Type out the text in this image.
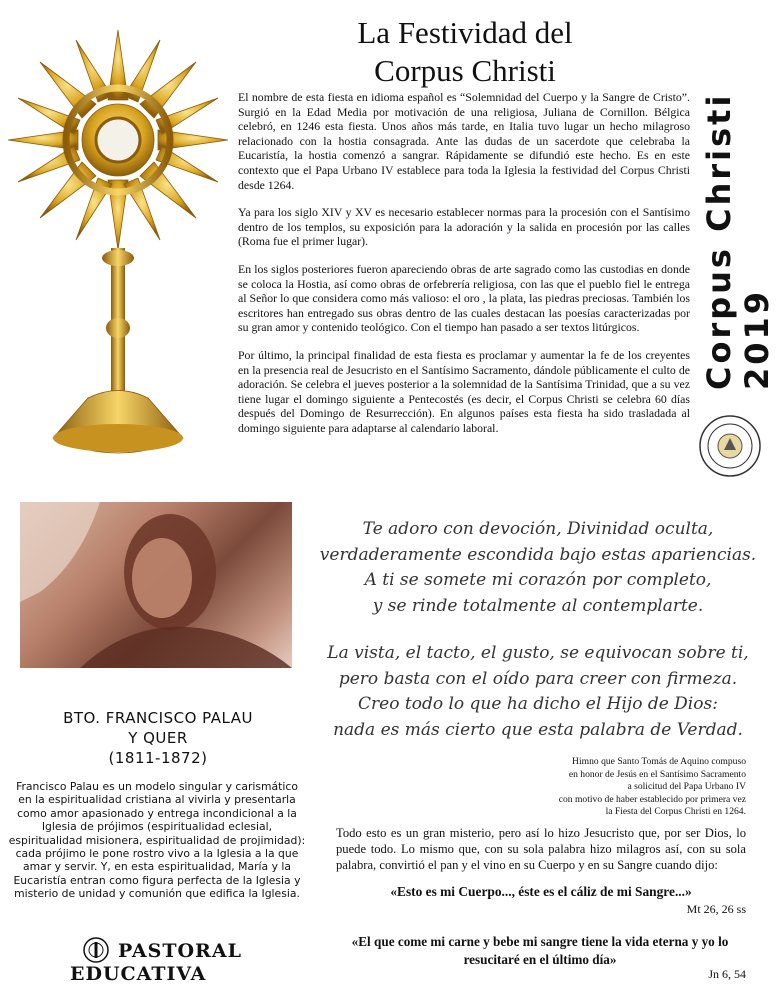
La Festividad del
Corpus Christi
Corpus Christi 2019

El nombre de esta fiesta en idioma español es “Solemnidad del Cuerpo y la Sangre de Cristo”. Surgió en la Edad Media por motivación de una religiosa, Juliana de Cornillon. Bélgica celebró, en 1246 esta fiesta. Unos años más tarde, en Italia tuvo lugar un hecho milagroso relacionado con la hostia consagrada. Ante las dudas de un sacerdote que celebraba la Eucaristía, la hostia comenzó a sangrar. Rápidamente se difundió este hecho. Es en este contexto que el Papa Urbano IV establece para toda la Iglesia la festividad del Corpus Christi desde 1264.

Ya para los siglo XIV y XV es necesario establecer normas para la procesión con el Santísimo dentro de los templos, su exposición para la adoración y la salida en procesión por las calles (Roma fue el primer lugar).

En los siglos posteriores fueron apareciendo obras de arte sagrado como las custodias en donde se coloca la Hostia, así como obras de orfebrería religiosa, con las que el pueblo fiel le entrega al Señor lo que considera como más valioso: el oro , la plata, las piedras preciosas. También los escritores han entregado sus obras dentro de las cuales destacan las poesías caracterizadas por su gran amor y contenido teológico. Con el tiempo han pasado a ser textos litúrgicos.

Por último, la principal finalidad de esta fiesta es proclamar y aumentar la fe de los creyentes en la presencia real de Jesucristo en el Santísimo Sacramento, dándole públicamente el culto de adoración. Se celebra el jueves posterior a la solemnidad de la Santísima Trinidad, que a su vez tiene lugar el domingo siguiente a Pentecostés (es decir, el Corpus Christi se celebra 60 días después del Domingo de Resurrección). En algunos países esta fiesta ha sido trasladada al domingo siguiente para adaptarse al calendario laboral.

BTO. FRANCISCO PALAU
Y QUER
(1811-1872)
Francisco Palau es un modelo singular y carismático en la espiritualidad cristiana al vivirla y presentarla como amor apasionado y entrega incondicional a la Iglesia de prójimos (espiritualidad eclesial, espiritualidad misionera, espiritualidad de projimidad): cada prójimo le pone rostro vivo a la Iglesia a la que amar y servir. Y, en esta espiritualidad, María y la Eucaristía entran como figura perfecta de la Iglesia y misterio de unidad y comunión que edifica la Iglesia.
PASTORAL
EDUCATIVA
Te adoro con devoción, Divinidad oculta,
verdaderamente escondida bajo estas apariencias.
A ti se somete mi corazón por completo,
y se rinde totalmente al contemplarte.
La vista, el tacto, el gusto, se equivocan sobre ti,
pero basta con el oído para creer con firmeza.
Creo todo lo que ha dicho el Hijo de Dios:
nada es más cierto que esta palabra de Verdad.
Himno que Santo Tomás de Aquino compuso
en honor de Jesús en el Santísimo Sacramento
a solicitud del Papa Urbano IV
con motivo de haber establecido por primera vez
la Fiesta del Corpus Christi en 1264.
Todo esto es un gran misterio, pero así lo hizo Jesucristo que, por ser Dios, lo puede todo. Lo mismo que, con su sola palabra hizo milagros así, con su sola palabra, convirtió el pan y el vino en su Cuerpo y en su Sangre cuando dijo:
«Esto es mi Cuerpo..., éste es el cáliz de mi Sangre...»
Mt 26, 26 ss
«El que come mi carne y bebe mi sangre tiene la vida eterna y yo lo resucitaré en el último día»
Jn 6, 54
